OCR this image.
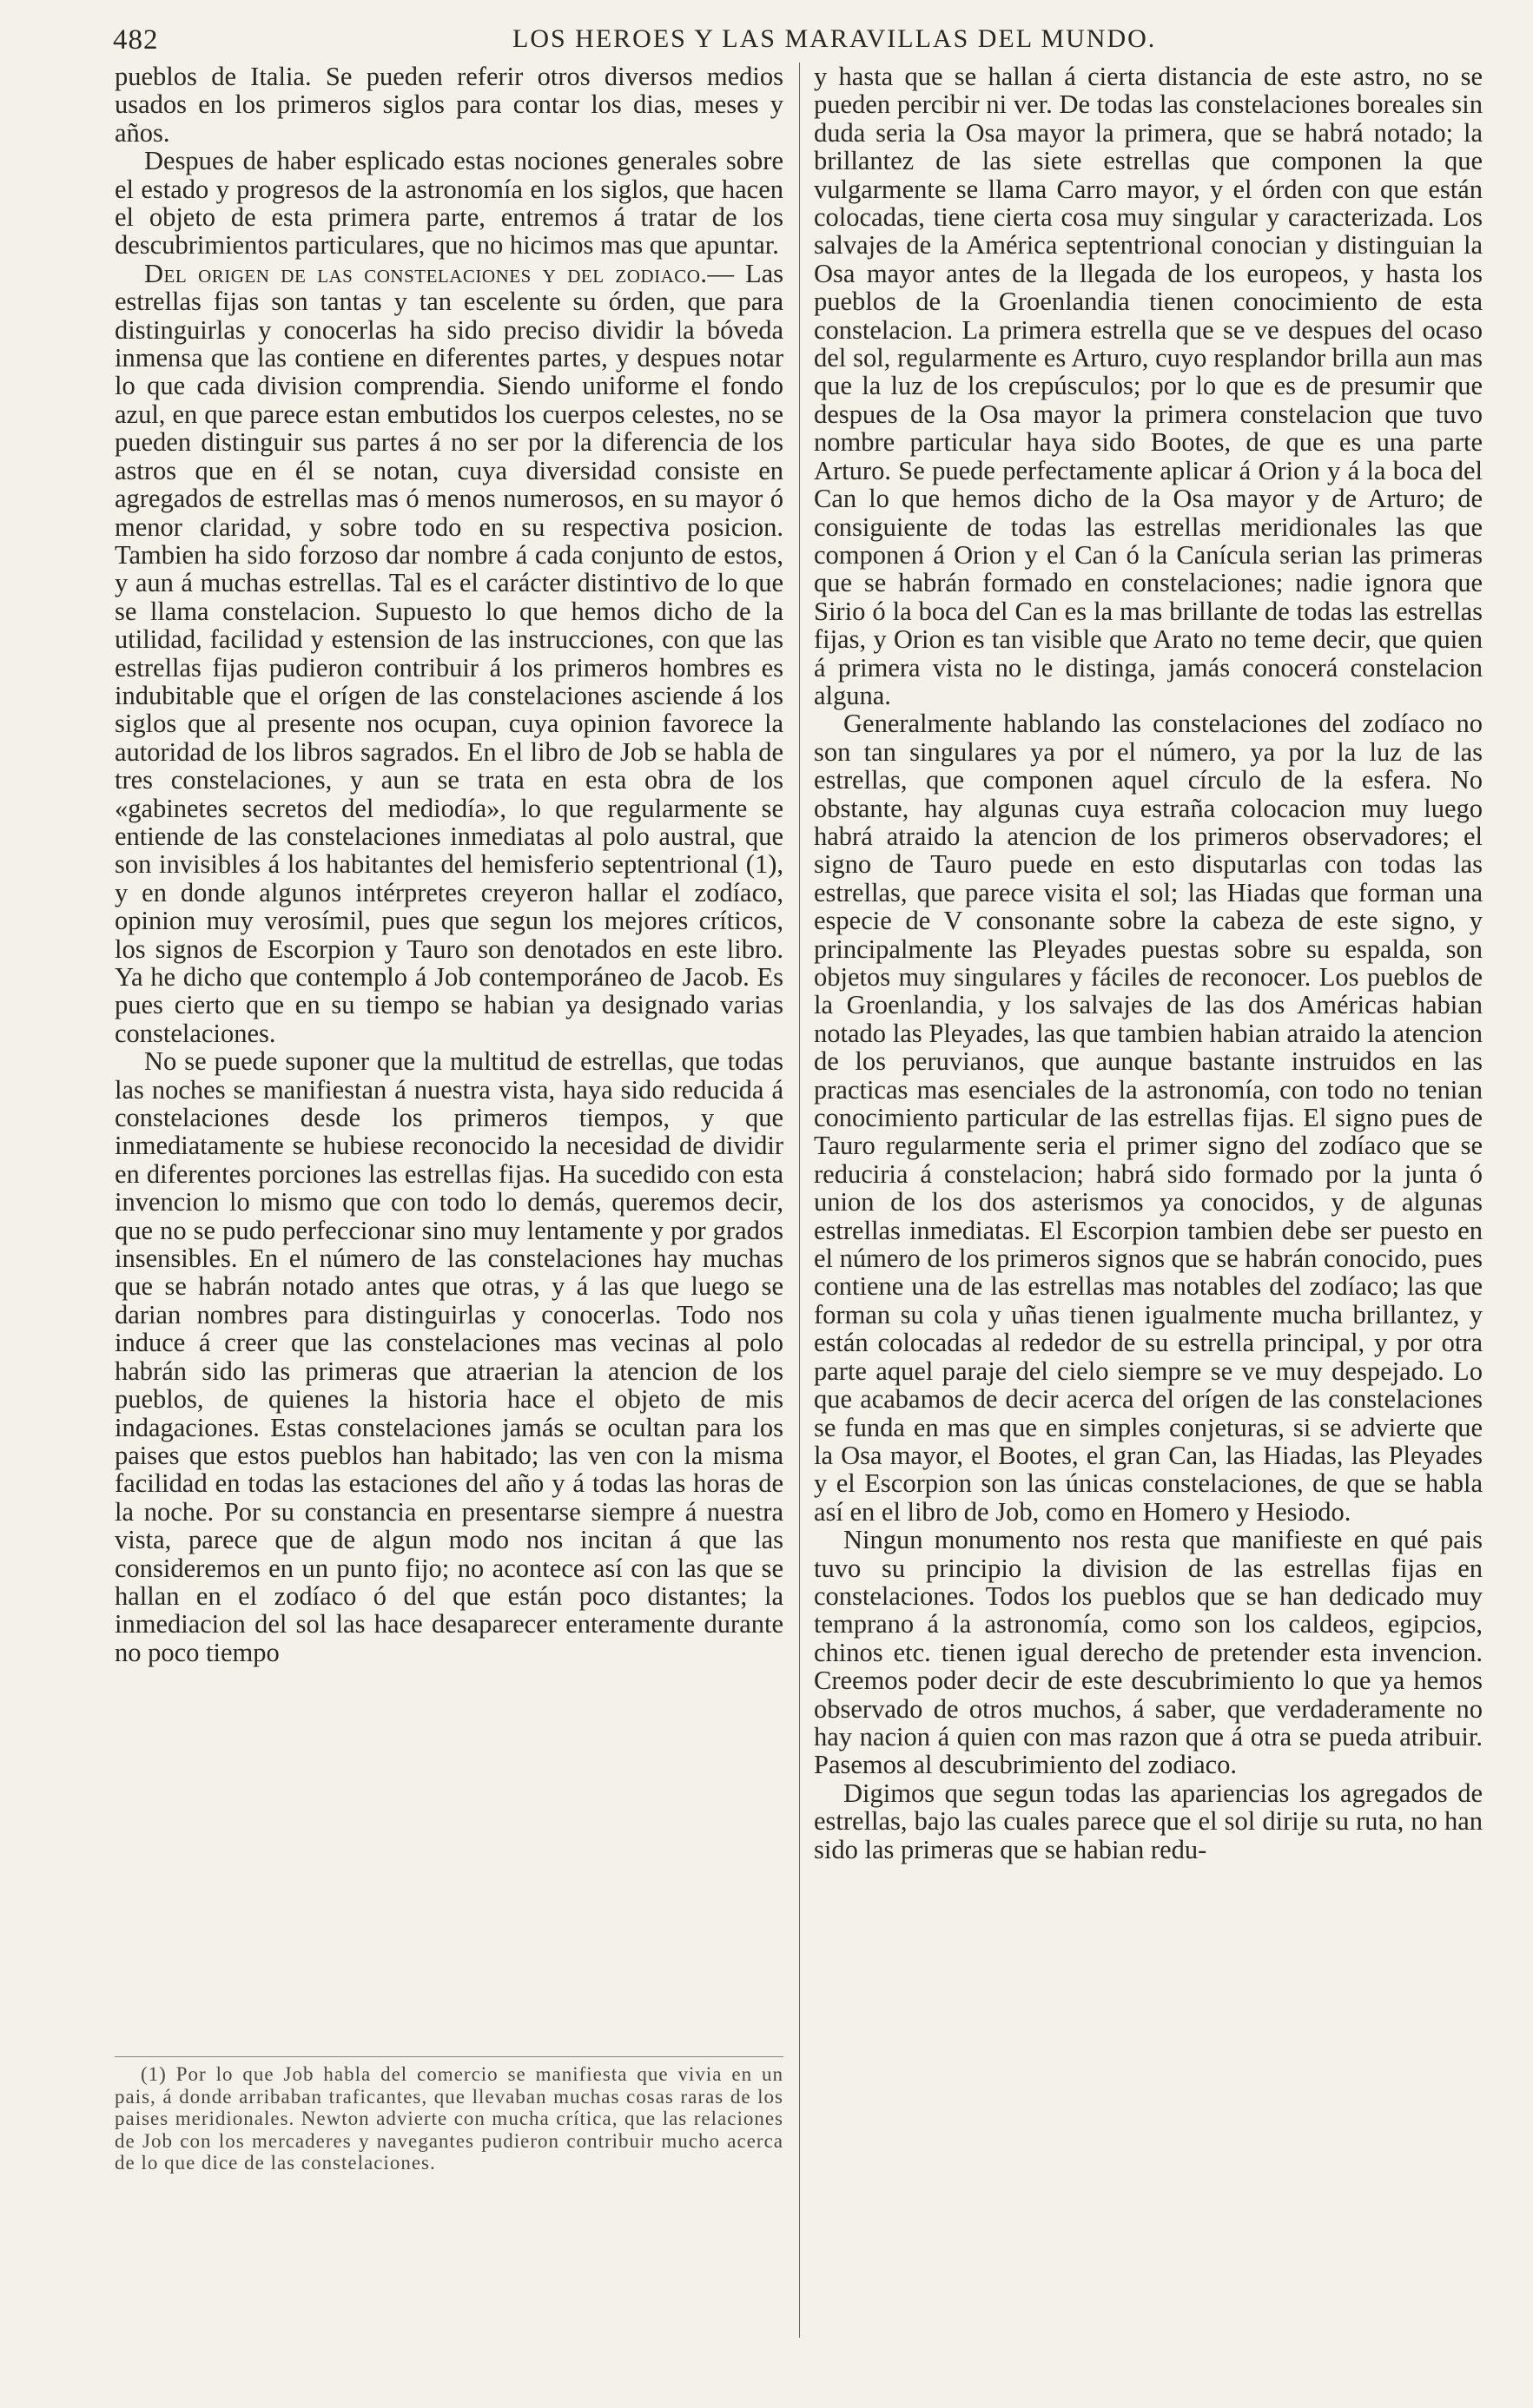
482	LOS HEROES Y LAS MARAVILLAS DEL MUNDO.

pueblos de Italia. Se pueden referir otros diversos medios usados en los primeros siglos para contar los dias, meses y años.

Despues de haber esplicado estas nociones generales sobre el estado y progresos de la astronomía en los siglos, que hacen el objeto de esta primera parte, entremos á tratar de los descubrimientos particulares, que no hicimos mas que apuntar.

Del origen de las constelaciones y del zodiaco.— Las estrellas fijas son tantas y tan escelente su órden, que para distinguirlas y conocerlas ha sido preciso dividir la bóveda inmensa que las contiene en diferentes partes, y despues notar lo que cada division comprendia. Siendo uniforme el fondo azul, en que parece estan embutidos los cuerpos celestes, no se pueden distinguir sus partes á no ser por la diferencia de los astros que en él se notan, cuya diversidad consiste en agregados de estrellas mas ó menos numerosos, en su mayor ó menor claridad, y sobre todo en su respectiva posicion. Tambien ha sido forzoso dar nombre á cada conjunto de estos, y aun á muchas estrellas. Tal es el carácter distintivo de lo que se llama constelacion. Supuesto lo que hemos dicho de la utilidad, facilidad y estension de las instrucciones, con que las estrellas fijas pudieron contribuir á los primeros hombres es indubitable que el orígen de las constelaciones asciende á los siglos que al presente nos ocupan, cuya opinion favorece la autoridad de los libros sagrados. En el libro de Job se habla de tres constelaciones, y aun se trata en esta obra de los «gabinetes secretos del mediodía», lo que regularmente se entiende de las constelaciones inmediatas al polo austral, que son invisibles á los habitantes del hemisferio septentrional (1), y en donde algunos intérpretes creyeron hallar el zodíaco, opinion muy verosímil, pues que segun los mejores críticos, los signos de Escorpion y Tauro son denotados en este libro. Ya he dicho que contemplo á Job contemporáneo de Jacob. Es pues cierto que en su tiempo se habian ya designado varias constelaciones.

No se puede suponer que la multitud de estrellas, que todas las noches se manifiestan á nuestra vista, haya sido reducida á constelaciones desde los primeros tiempos, y que inmediatamente se hubiese reconocido la necesidad de dividir en diferentes porciones las estrellas fijas. Ha sucedido con esta invencion lo mismo que con todo lo demás, queremos decir, que no se pudo perfeccionar sino muy lentamente y por grados insensibles. En el número de las constelaciones hay muchas que se habrán notado antes que otras, y á las que luego se darian nombres para distinguirlas y conocerlas. Todo nos induce á creer que las constelaciones mas vecinas al polo habrán sido las primeras que atraerian la atencion de los pueblos, de quienes la historia hace el objeto de mis indagaciones. Estas constelaciones jamás se ocultan para los paises que estos pueblos han habitado; las ven con la misma facilidad en todas las estaciones del año y á todas las horas de la noche. Por su constancia en presentarse siempre á nuestra vista, parece que de algun modo nos incitan á que las consideremos en un punto fijo; no acontece así con las que se hallan en el zodíaco ó del que están poco distantes; la inmediacion del sol las hace desaparecer enteramente durante no poco tiempo

(1) Por lo que Job habla del comercio se manifiesta que vivia en un pais, á donde arribaban traficantes, que llevaban muchas cosas raras de los paises meridionales. Newton advierte con mucha crítica, que las relaciones de Job con los mercaderes y navegantes pudieron contribuir mucho acerca de lo que dice de las constelaciones.

y hasta que se hallan á cierta distancia de este astro, no se pueden percibir ni ver. De todas las constelaciones boreales sin duda seria la Osa mayor la primera, que se habrá notado; la brillantez de las siete estrellas que componen la que vulgarmente se llama Carro mayor, y el órden con que están colocadas, tiene cierta cosa muy singular y caracterizada. Los salvajes de la América septentrional conocian y distinguian la Osa mayor antes de la llegada de los europeos, y hasta los pueblos de la Groenlandia tienen conocimiento de esta constelacion. La primera estrella que se ve despues del ocaso del sol, regularmente es Arturo, cuyo resplandor brilla aun mas que la luz de los crepúsculos; por lo que es de presumir que despues de la Osa mayor la primera constelacion que tuvo nombre particular haya sido Bootes, de que es una parte Arturo. Se puede perfectamente aplicar á Orion y á la boca del Can lo que hemos dicho de la Osa mayor y de Arturo; de consiguiente de todas las estrellas meridionales las que componen á Orion y el Can ó la Canícula serian las primeras que se habrán formado en constelaciones; nadie ignora que Sirio ó la boca del Can es la mas brillante de todas las estrellas fijas, y Orion es tan visible que Arato no teme decir, que quien á primera vista no le distinga, jamás conocerá constelacion alguna.

Generalmente hablando las constelaciones del zodíaco no son tan singulares ya por el número, ya por la luz de las estrellas, que componen aquel círculo de la esfera. No obstante, hay algunas cuya estraña colocacion muy luego habrá atraido la atencion de los primeros observadores; el signo de Tauro puede en esto disputarlas con todas las estrellas, que parece visita el sol; las Hiadas que forman una especie de V consonante sobre la cabeza de este signo, y principalmente las Pleyades puestas sobre su espalda, son objetos muy singulares y fáciles de reconocer. Los pueblos de la Groenlandia, y los salvajes de las dos Américas habian notado las Pleyades, las que tambien habian atraido la atencion de los peruvianos, que aunque bastante instruidos en las practicas mas esenciales de la astronomía, con todo no tenian conocimiento particular de las estrellas fijas. El signo pues de Tauro regularmente seria el primer signo del zodíaco que se reduciria á constelacion; habrá sido formado por la junta ó union de los dos asterismos ya conocidos, y de algunas estrellas inmediatas. El Escorpion tambien debe ser puesto en el número de los primeros signos que se habrán conocido, pues contiene una de las estrellas mas notables del zodíaco; las que forman su cola y uñas tienen igualmente mucha brillantez, y están colocadas al rededor de su estrella principal, y por otra parte aquel paraje del cielo siempre se ve muy despejado. Lo que acabamos de decir acerca del orígen de las constelaciones se funda en mas que en simples conjeturas, si se advierte que la Osa mayor, el Bootes, el gran Can, las Hiadas, las Pleyades y el Escorpion son las únicas constelaciones, de que se habla así en el libro de Job, como en Homero y Hesiodo.

Ningun monumento nos resta que manifieste en qué pais tuvo su principio la division de las estrellas fijas en constelaciones. Todos los pueblos que se han dedicado muy temprano á la astronomía, como son los caldeos, egipcios, chinos etc. tienen igual derecho de pretender esta invencion. Creemos poder decir de este descubrimiento lo que ya hemos observado de otros muchos, á saber, que verdaderamente no hay nacion á quien con mas razon que á otra se pueda atribuir. Pasemos al descubrimiento del zodiaco.

Digimos que segun todas las apariencias los agregados de estrellas, bajo las cuales parece que el sol dirije su ruta, no han sido las primeras que se habian redu-
